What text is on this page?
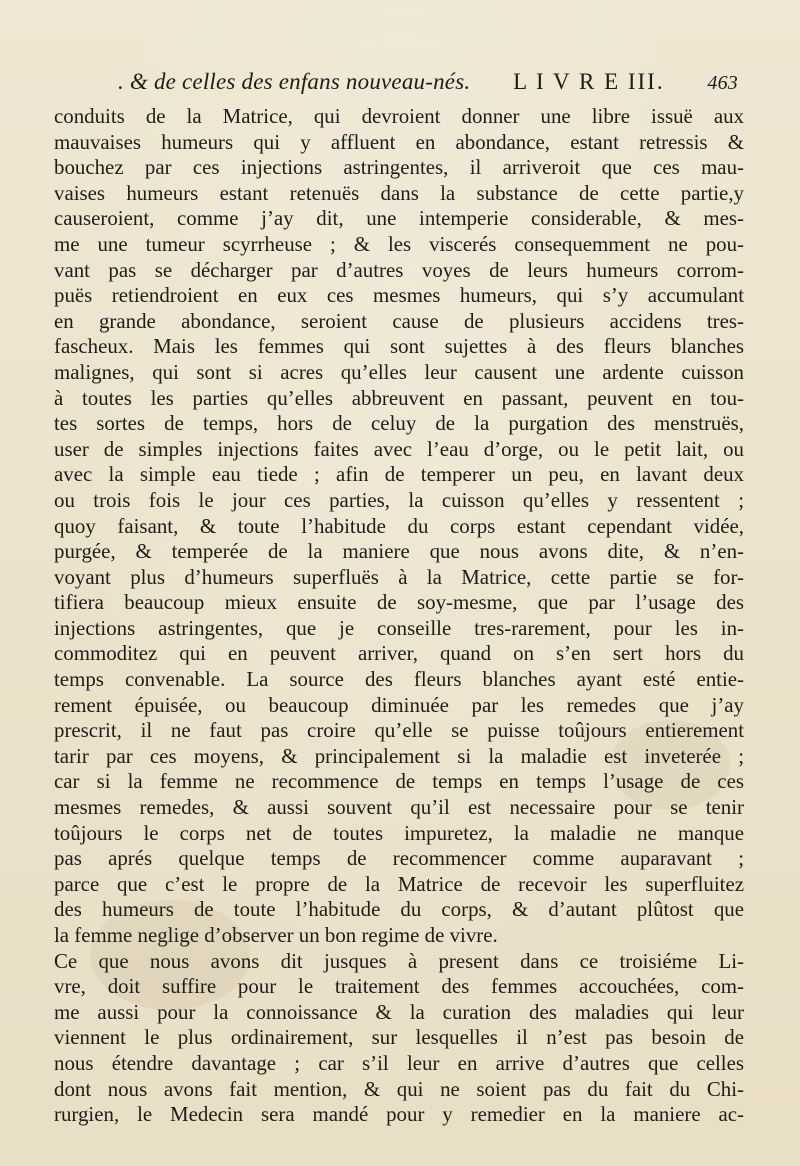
. & de celles des enfans nouveau-nés. L I V R E III. 463
conduits de la Matrice, qui devroient donner une libre issuë aux
mauvaises humeurs qui y affluent en abondance, estant retressis &
bouchez par ces injections astringentes, il arriveroit que ces mau-
vaises humeurs estant retenuës dans la substance de cette partie,y
causeroient, comme j’ay dit, une intemperie considerable, & mes-
me une tumeur scyrrheuse ; & les viscerés consequemment ne pou-
vant pas se décharger par d’autres voyes de leurs humeurs corrom-
puës retiendroient en eux ces mesmes humeurs, qui s’y accumulant
en grande abondance, seroient cause de plusieurs accidens tres-
fascheux. Mais les femmes qui sont sujettes à des fleurs blanches
malignes, qui sont si acres qu’elles leur causent une ardente cuisson
à toutes les parties qu’elles abbreuvent en passant, peuvent en tou-
tes sortes de temps, hors de celuy de la purgation des menstruës,
user de simples injections faites avec l’eau d’orge, ou le petit lait, ou
avec la simple eau tiede ; afin de temperer un peu, en lavant deux
ou trois fois le jour ces parties, la cuisson qu’elles y ressentent ;
quoy faisant, & toute l’habitude du corps estant cependant vidée,
purgée, & temperée de la maniere que nous avons dite, & n’en-
voyant plus d’humeurs superfluës à la Matrice, cette partie se for-
tifiera beaucoup mieux ensuite de soy-mesme, que par l’usage des
injections astringentes, que je conseille tres-rarement, pour les in-
commoditez qui en peuvent arriver, quand on s’en sert hors du
temps convenable. La source des fleurs blanches ayant esté entie-
rement épuisée, ou beaucoup diminuée par les remedes que j’ay
prescrit, il ne faut pas croire qu’elle se puisse toûjours entierement
tarir par ces moyens, & principalement si la maladie est inveterée ;
car si la femme ne recommence de temps en temps l’usage de ces
mesmes remedes, & aussi souvent qu’il est necessaire pour se tenir
toûjours le corps net de toutes impuretez, la maladie ne manque
pas aprés quelque temps de recommencer comme auparavant ;
parce que c’est le propre de la Matrice de recevoir les superfluitez
des humeurs de toute l’habitude du corps, & d’autant plûtost que
la femme neglige d’observer un bon regime de vivre.
Ce que nous avons dit jusques à present dans ce troisiéme Li-
vre, doit suffire pour le traitement des femmes accouchées, com-
me aussi pour la connoissance & la curation des maladies qui leur
viennent le plus ordinairement, sur lesquelles il n’est pas besoin de
nous étendre davantage ; car s’il leur en arrive d’autres que celles
dont nous avons fait mention, & qui ne soient pas du fait du Chi-
rurgien, le Medecin sera mandé pour y remedier en la maniere ac-
